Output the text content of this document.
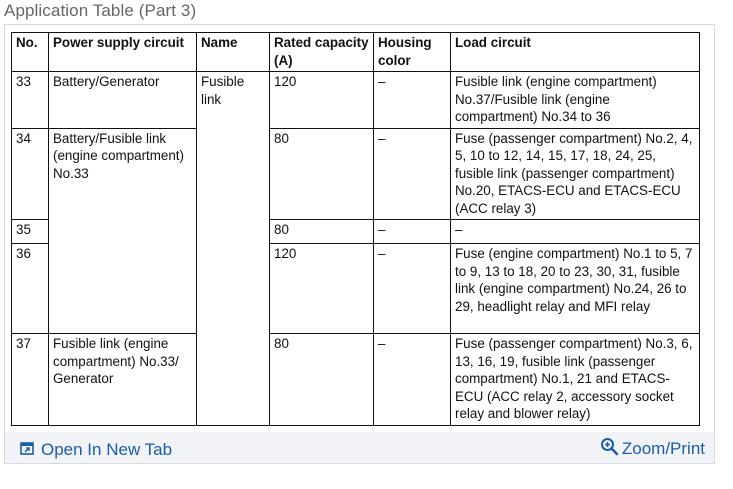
Application Table (Part 3)
No.	Power supply circuit	Name	Rated capacity (A)	Housing color	Load circuit
33	Battery/Generator	Fusible link	120	–	Fusible link (engine compartment) No.37/Fusible link (engine compartment) No.34 to 36
34	Battery/Fusible link (engine compartment) No.33		80	–	Fuse (passenger compartment) No.2, 4, 5, 10 to 12, 14, 15, 17, 18, 24, 25, fusible link (passenger compartment) No.20, ETACS-ECU and ETACS-ECU (ACC relay 3)
35			80	–	–
36			120	–	Fuse (engine compartment) No.1 to 5, 7 to 9, 13 to 18, 20 to 23, 30, 31, fusible link (engine compartment) No.24, 26 to 29, headlight relay and MFI relay
37	Fusible link (engine compartment) No.33/ Generator		80	–	Fuse (passenger compartment) No.3, 6, 13, 16, 19, fusible link (passenger compartment) No.1, 21 and ETACS-ECU (ACC relay 2, accessory socket relay and blower relay)
Open In New Tab	Zoom/Print
